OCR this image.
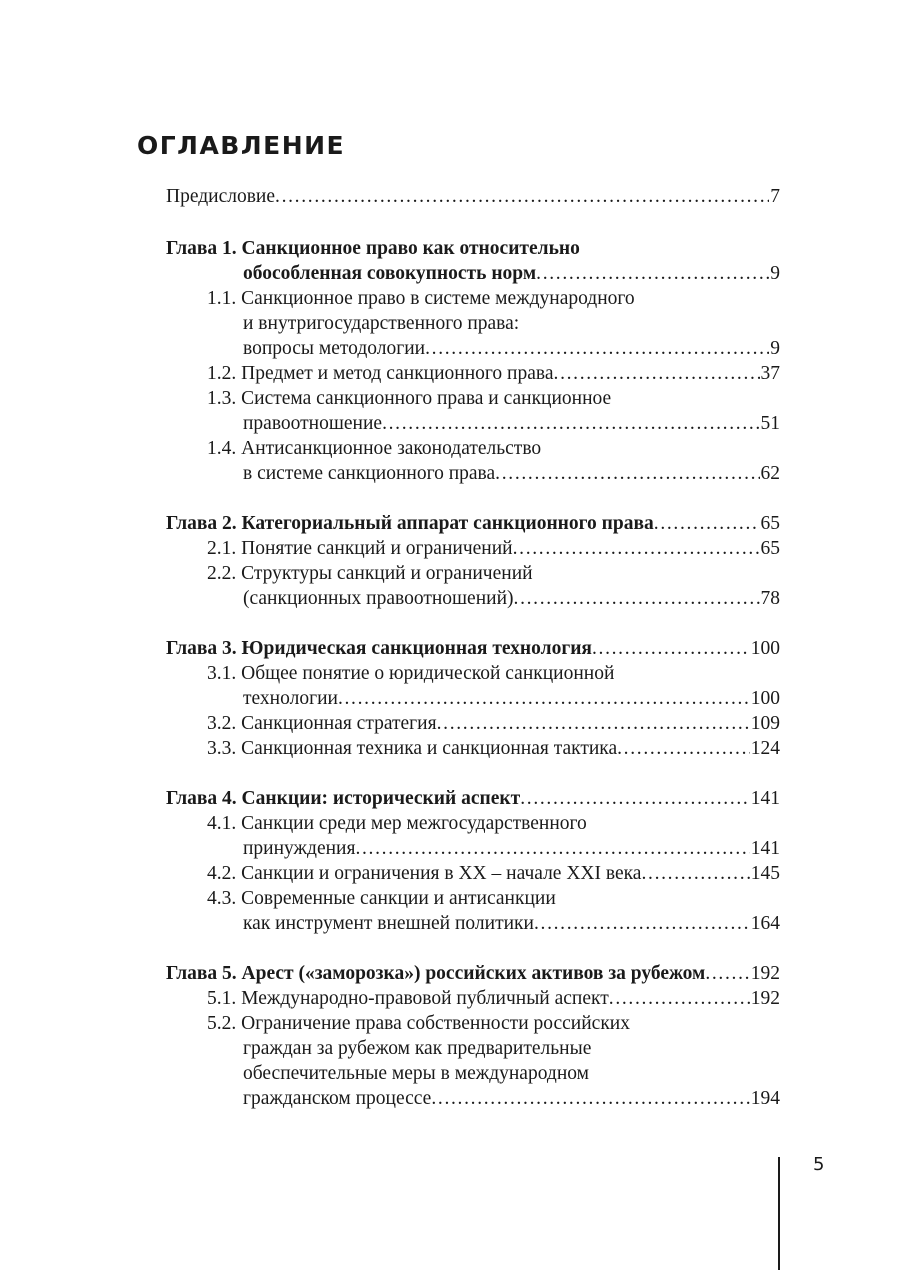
ОГЛАВЛЕНИЕ
Предисловие . . .	7
Глава 1. Санкционное право как относительно
обособленная совокупность норм . . .	9
1.1. Санкционное право в системе международного
и внутригосударственного права:
вопросы методологии . . .	9
1.2. Предмет и метод санкционного права . . .	37
1.3. Система санкционного права и санкционное
правоотношение . . .	51
1.4. Антисанкционное законодательство
в системе санкционного права . . .	62
Глава 2. Категориальный аппарат санкционного права . . .	65
2.1. Понятие санкций и ограничений . . .	65
2.2. Структуры санкций и ограничений
(санкционных правоотношений) . . .	78
Глава 3. Юридическая санкционная технология . . .	100
3.1. Общее понятие о юридической санкционной
технологии . . .	100
3.2. Санкционная стратегия . . .	109
3.3. Санкционная техника и санкционная тактика . . .	124
Глава 4. Санкции: исторический аспект . . .	141
4.1. Санкции среди мер межгосударственного
принуждения . . .	141
4.2. Санкции и ограничения в XX – начале XXI века . . .	145
4.3. Современные санкции и антисанкции
как инструмент внешней политики . . .	164
Глава 5. Арест («заморозка») российских активов за рубежом . . . 192
5.1. Международно-правовой публичный аспект . . .	192
5.2. Ограничение права собственности российских
граждан за рубежом как предварительные
обеспечительные меры в международном
гражданском процессе . . .	194
5
